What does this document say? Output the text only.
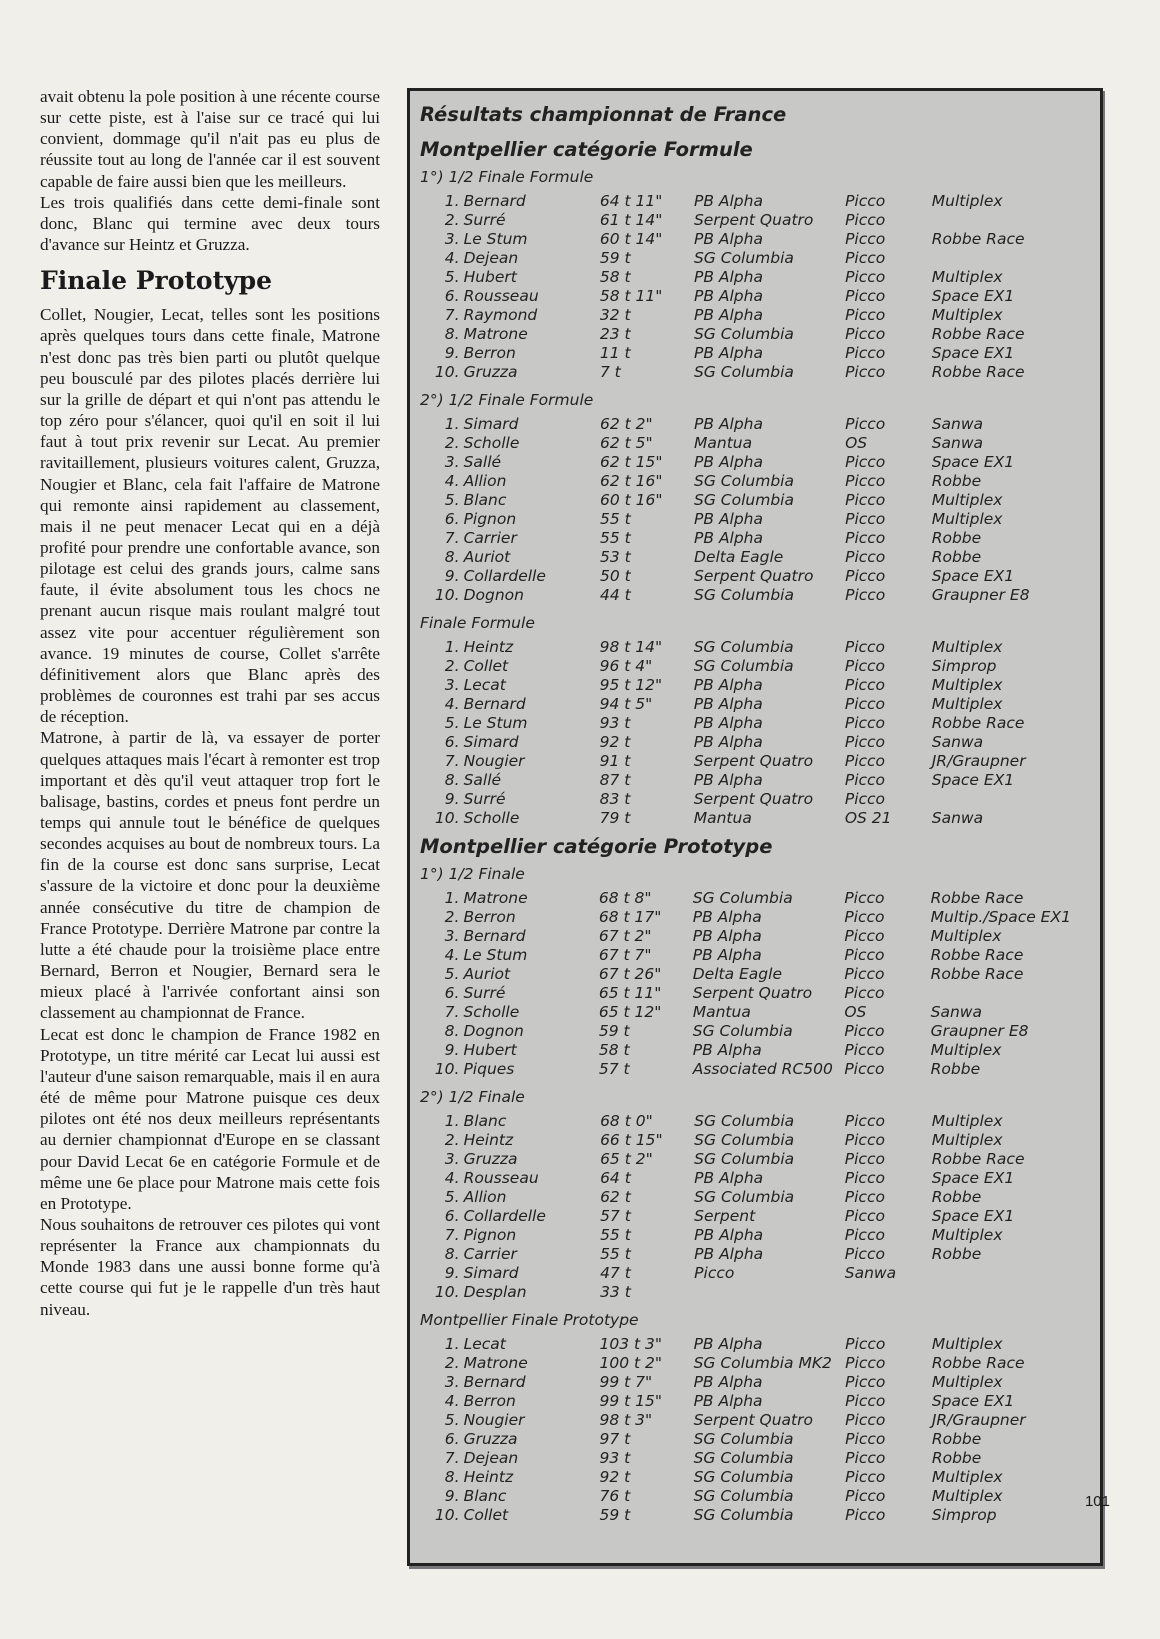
avait obtenu la pole position à une récente course sur cette piste, est à l'aise sur ce tracé qui lui convient, dommage qu'il n'ait pas eu plus de réussite tout au long de l'année car il est souvent capable de faire aussi bien que les meilleurs.

Les trois qualifiés dans cette demi-finale sont donc, Blanc qui termine avec deux tours d'avance sur Heintz et Gruzza.

Finale Prototype

Collet, Nougier, Lecat, telles sont les positions après quelques tours dans cette finale, Matrone n'est donc pas très bien parti ou plutôt quelque peu bousculé par des pilotes placés derrière lui sur la grille de départ et qui n'ont pas attendu le top zéro pour s'élancer, quoi qu'il en soit il lui faut à tout prix revenir sur Lecat. Au premier ravitaillement, plusieurs voitures calent, Gruzza, Nougier et Blanc, cela fait l'affaire de Matrone qui remonte ainsi rapidement au classement, mais il ne peut menacer Lecat qui en a déjà profité pour prendre une confortable avance, son pilotage est celui des grands jours, calme sans faute, il évite absolument tous les chocs ne prenant aucun risque mais roulant malgré tout assez vite pour accentuer régulièrement son avance. 19 minutes de course, Collet s'arrête définitivement alors que Blanc après des problèmes de couronnes est trahi par ses accus de réception.

Matrone, à partir de là, va essayer de porter quelques attaques mais l'écart à remonter est trop important et dès qu'il veut attaquer trop fort le balisage, bastins, cordes et pneus font perdre un temps qui annule tout le bénéfice de quelques secondes acquises au bout de nombreux tours. La fin de la course est donc sans surprise, Lecat s'assure de la victoire et donc pour la deuxième année consécutive du titre de champion de France Prototype. Derrière Matrone par contre la lutte a été chaude pour la troisième place entre Bernard, Berron et Nougier, Bernard sera le mieux placé à l'arrivée confortant ainsi son classement au championnat de France.

Lecat est donc le champion de France 1982 en Prototype, un titre mérité car Lecat lui aussi est l'auteur d'une saison remarquable, mais il en aura été de même pour Matrone puisque ces deux pilotes ont été nos deux meilleurs représentants au dernier championnat d'Europe en se classant pour David Lecat 6e en catégorie Formule et de même une 6e place pour Matrone mais cette fois en Prototype.

Nous souhaitons de retrouver ces pilotes qui vont représenter la France aux championnats du Monde 1983 dans une aussi bonne forme qu'à cette course qui fut je le rappelle d'un très haut niveau.

Résultats championnat de France
Montpellier catégorie Formule
1°) 1/2 Finale Formule
1.	Bernard	64 t 11"	PB Alpha	Picco	Multiplex
2.	Surré	61 t 14"	Serpent Quatro	Picco	
3.	Le Stum	60 t 14"	PB Alpha	Picco	Robbe Race
4.	Dejean	59 t	SG Columbia	Picco	
5.	Hubert	58 t	PB Alpha	Picco	Multiplex
6.	Rousseau	58 t 11"	PB Alpha	Picco	Space EX1
7.	Raymond	32 t	PB Alpha	Picco	Multiplex
8.	Matrone	23 t	SG Columbia	Picco	Robbe Race
9.	Berron	11 t	PB Alpha	Picco	Space EX1
10.	Gruzza	7 t	SG Columbia	Picco	Robbe Race
2°) 1/2 Finale Formule
1.	Simard	62 t 2"	PB Alpha	Picco	Sanwa
2.	Scholle	62 t 5"	Mantua	OS	Sanwa
3.	Sallé	62 t 15"	PB Alpha	Picco	Space EX1
4.	Allion	62 t 16"	SG Columbia	Picco	Robbe
5.	Blanc	60 t 16"	SG Columbia	Picco	Multiplex
6.	Pignon	55 t	PB Alpha	Picco	Multiplex
7.	Carrier	55 t	PB Alpha	Picco	Robbe
8.	Auriot	53 t	Delta Eagle	Picco	Robbe
9.	Collardelle	50 t	Serpent Quatro	Picco	Space EX1
10.	Dognon	44 t	SG Columbia	Picco	Graupner E8
Finale Formule
1.	Heintz	98 t 14"	SG Columbia	Picco	Multiplex
2.	Collet	96 t 4"	SG Columbia	Picco	Simprop
3.	Lecat	95 t 12"	PB Alpha	Picco	Multiplex
4.	Bernard	94 t 5"	PB Alpha	Picco	Multiplex
5.	Le Stum	93 t	PB Alpha	Picco	Robbe Race
6.	Simard	92 t	PB Alpha	Picco	Sanwa
7.	Nougier	91 t	Serpent Quatro	Picco	JR/Graupner
8.	Sallé	87 t	PB Alpha	Picco	Space EX1
9.	Surré	83 t	Serpent Quatro	Picco	
10.	Scholle	79 t	Mantua	OS 21	Sanwa
Montpellier catégorie Prototype
1°) 1/2 Finale
1.	Matrone	68 t 8"	SG Columbia	Picco	Robbe Race
2.	Berron	68 t 17"	PB Alpha	Picco	Multip./Space EX1
3.	Bernard	67 t 2"	PB Alpha	Picco	Multiplex
4.	Le Stum	67 t 7"	PB Alpha	Picco	Robbe Race
5.	Auriot	67 t 26"	Delta Eagle	Picco	Robbe Race
6.	Surré	65 t 11"	Serpent Quatro	Picco	
7.	Scholle	65 t 12"	Mantua	OS	Sanwa
8.	Dognon	59 t	SG Columbia	Picco	Graupner E8
9.	Hubert	58 t	PB Alpha	Picco	Multiplex
10.	Piques	57 t	Associated RC500	Picco	Robbe
2°) 1/2 Finale
1.	Blanc	68 t 0"	SG Columbia	Picco	Multiplex
2.	Heintz	66 t 15"	SG Columbia	Picco	Multiplex
3.	Gruzza	65 t 2"	SG Columbia	Picco	Robbe Race
4.	Rousseau	64 t	PB Alpha	Picco	Space EX1
5.	Allion	62 t	SG Columbia	Picco	Robbe
6.	Collardelle	57 t	Serpent	Picco	Space EX1
7.	Pignon	55 t	PB Alpha	Picco	Multiplex
8.	Carrier	55 t	PB Alpha	Picco	Robbe
9.	Simard	47 t	Picco	Sanwa	
10.	Desplan	33 t			
Montpellier Finale Prototype
1.	Lecat	103 t 3"	PB Alpha	Picco	Multiplex
2.	Matrone	100 t 2"	SG Columbia MK2	Picco	Robbe Race
3.	Bernard	99 t 7"	PB Alpha	Picco	Multiplex
4.	Berron	99 t 15"	PB Alpha	Picco	Space EX1
5.	Nougier	98 t 3"	Serpent Quatro	Picco	JR/Graupner
6.	Gruzza	97 t	SG Columbia	Picco	Robbe
7.	Dejean	93 t	SG Columbia	Picco	Robbe
8.	Heintz	92 t	SG Columbia	Picco	Multiplex
9.	Blanc	76 t	SG Columbia	Picco	Multiplex
10.	Collet	59 t	SG Columbia	Picco	Simprop
101
